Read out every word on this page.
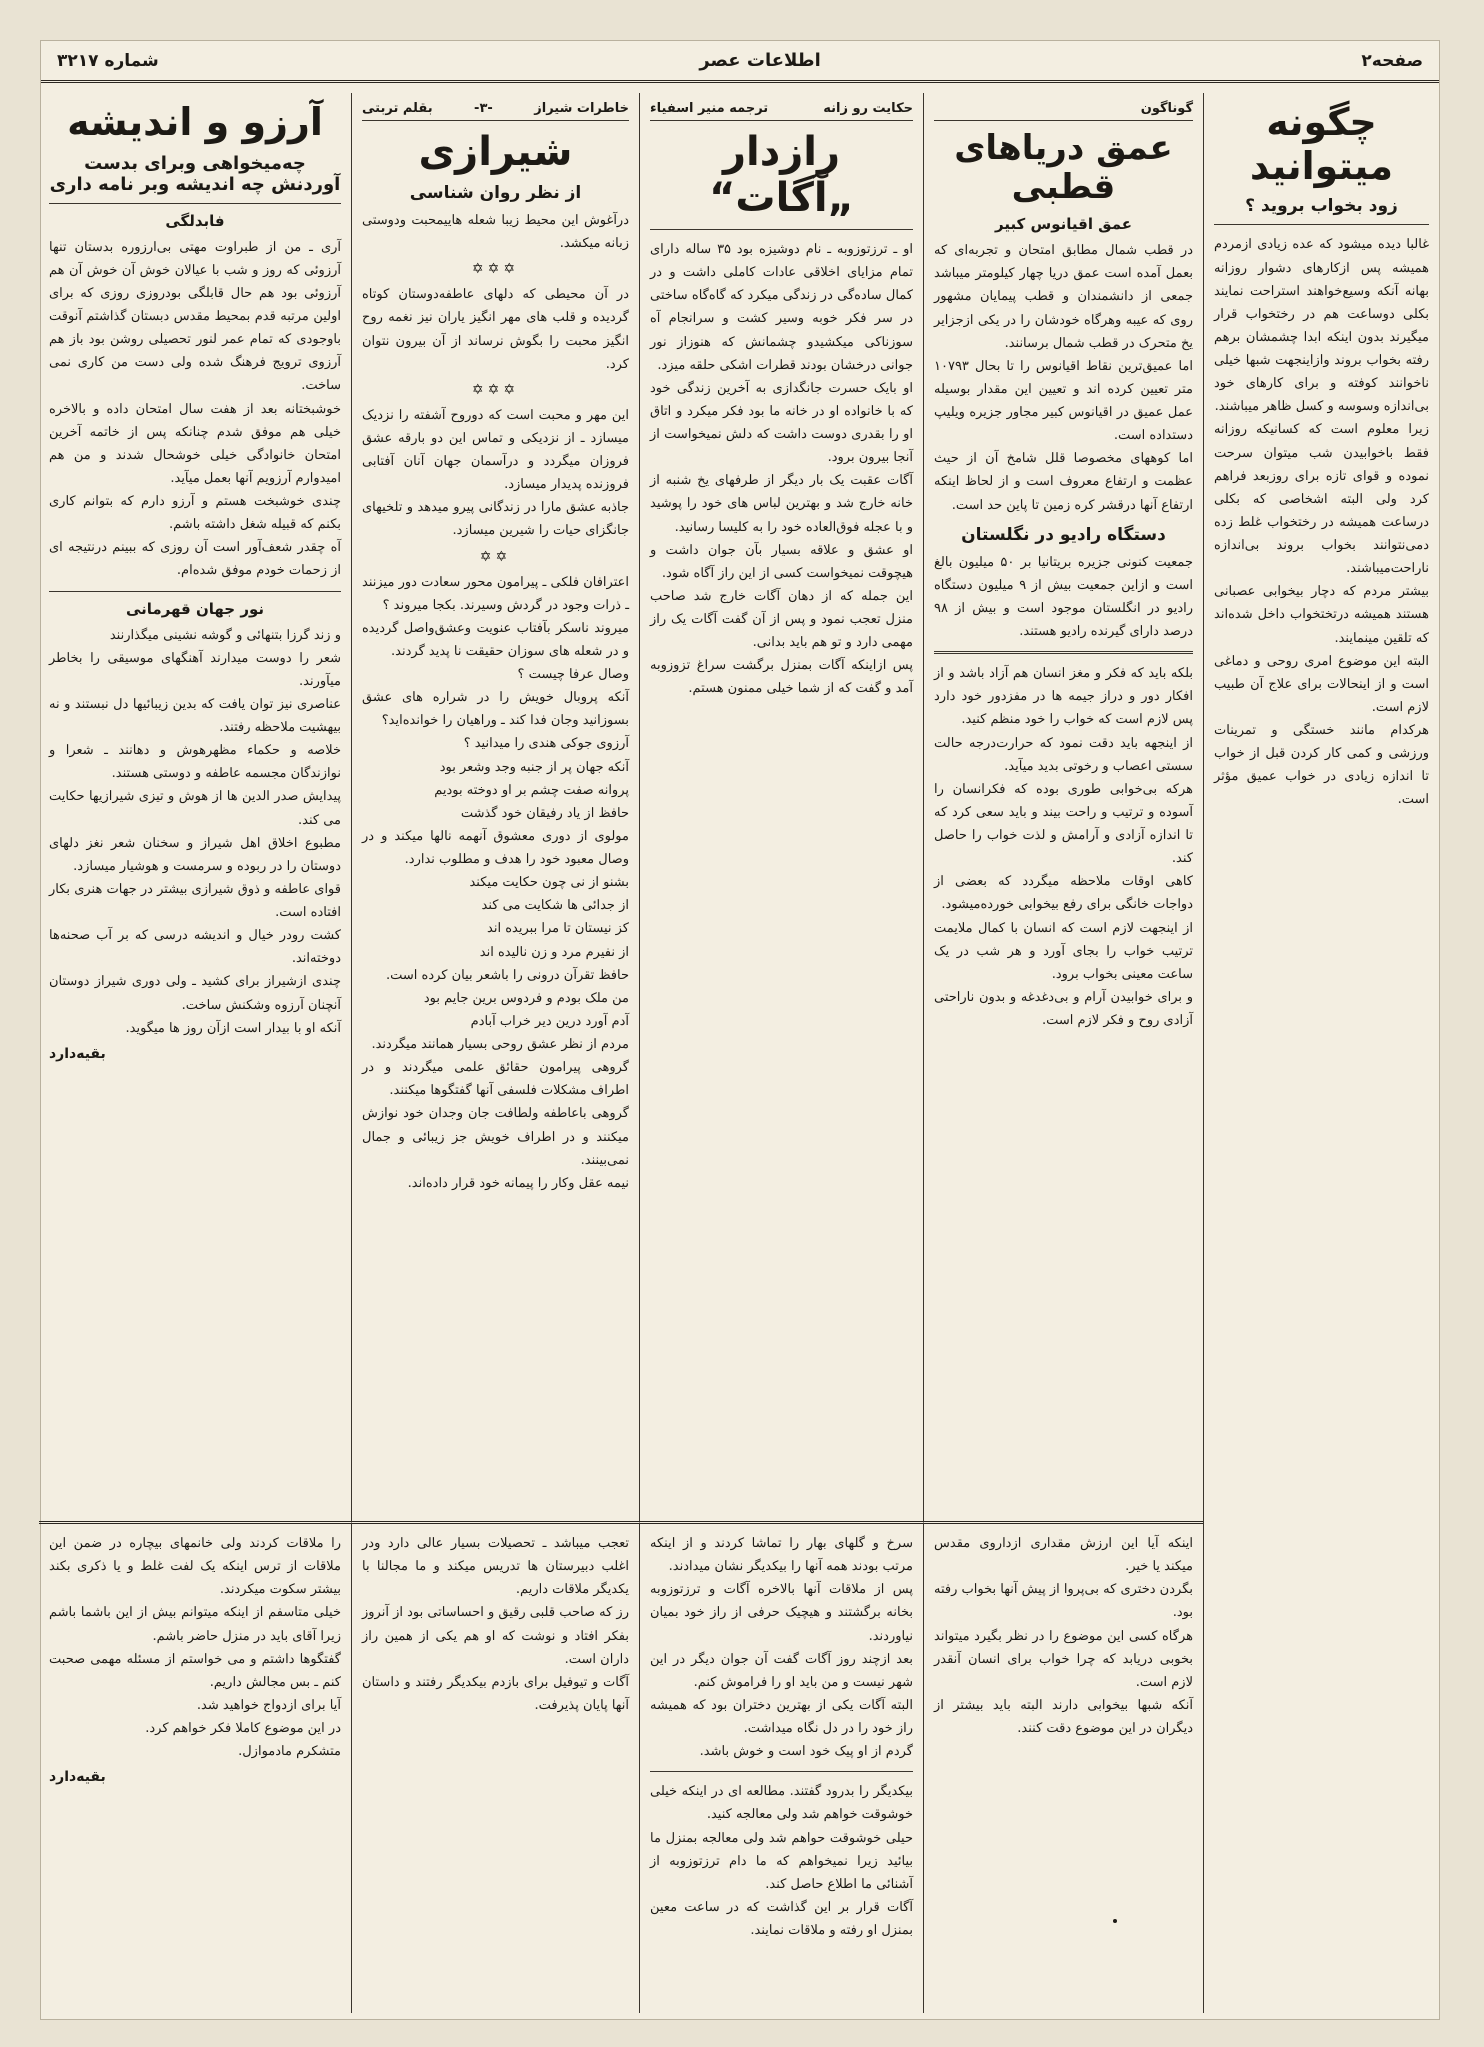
صفحه۲
اطلاعات عصر
شماره ۳۲۱۷
چگونه میتوانید
زود بخواب بروید ؟
غالبا دیده میشود که عده زیادی ازمردم همیشه پس ازکارهای دشوار روزانه بهانه آنکه وسیع‌خواهند استراحت نمایند بکلی دوساعت هم در رختخواب قرار میگیرند بدون اینکه ابدا چشمشان برهم رفته بخواب بروند وازاینجهت شبها خیلی ناخوانند کوفته و برای کارهای خود بی‌اندازه وسوسه و کسل ظاهر میباشند.
زیرا معلوم است که کسانیکه روزانه فقط باخوابیدن شب میتوان سرحت نموده و قوای تازه برای روزبعد فراهم کرد ولی البته اشخاصی که بکلی درساعت همیشه در رختخواب غلط زده دمی‌نتوانند بخواب بروند بی‌اندازه ناراحت‌میباشند.
بیشتر مردم که دچار بیخوابی عصبانی هستند همیشه درتختخواب داخل شده‌اند که تلقین مینمایند.
البته این موضوع امری روحی و دماغی است و از اینحالات برای علاج آن طبیب لازم است.
هرکدام مانند خستگی و تمرینات ورزشی و کمی کار کردن قبل از خواب تا اندازه زیادی در خواب عمیق مؤثر است.
گوناگون
عمق دریاهای قطبی
عمق اقیانوس کبیر
در قطب شمال مطابق امتحان و تجربه‌ای که بعمل آمده است عمق دریا چهار کیلومتر میباشد جمعی از دانشمندان و قطب پیمایان مشهور روی که عیبه وهرگاه خودشان را در یکی ازجزایر یخ متحرک در قطب شمال برسانند.
اما عمیق‌ترین نقاط اقیانوس را تا بحال ۱۰۷۹۳ متر تعیین کرده اند و تعیین این مقدار بوسیله عمل عمیق در اقیانوس کبیر مجاور جزیره ویلیپ دستداده است.
اما کوههای مخصوصا قلل شامخ آن از حیث عظمت و ارتفاع معروف است و از لحاظ اینکه ارتفاع آنها درقشر کره زمین تا پاین حد است.
دستگاه رادیو در نگلستان
جمعیت کنونی جزیره بریتانیا بر ۵۰ میلیون بالغ است و ازاین جمعیت بیش از ۹ میلیون دستگاه رادیو در انگلستان موجود است و بیش از ۹۸ درصد دارای گیرنده رادیو هستند.
بلکه باید که فکر و مغز انسان هم آزاد باشد و از افکار دور و دراز جیمه ها در مفزدور خود دارد پس لازم است که خواب را خود منظم کنید.
از اینجهه باید دقت نمود که حرارت‌درجه حالت سستی اعصاب و رخوتی بدید میآید.
هرکه بی‌خوابی طوری بوده که فکرانسان را آسوده و ترتیب و راحت بیند و باید سعی کرد که تا اندازه آزادی و آرامش و لذت خواب را حاصل کند.
کاهی اوقات ملاحظه میگردد که بعضی از دواجات خانگی برای رفع بیخوابی خورده‌میشود.
از اینجهت لازم است که انسان با کمال ملایمت ترتیب خواب را بجای آورد و هر شب در یک ساعت معینی بخواب برود.
و برای خوابیدن آرام و بی‌دغدغه و بدون ناراحتی آزادی روح و فکر لازم است.
حکایت رو زانه
ترجمه منیر اسفیاء
رازدار „آگات“
او ـ ترزتوزوبه ـ نام دوشیزه بود ۳۵ ساله دارای تمام مزایای اخلاقی عادات کاملی داشت و در کمال ساده‌گی در زندگی میکرد که گاه‌گاه ساختی در سر فکر خوبه وسیر کشت و سرانجام آه سوزناکی میکشیدو چشمانش که هنوزاز نور جوانی درخشان بودند قطرات اشکی حلقه میزد.
او بایک حسرت جانگدازی به آخرین زندگی خود که با خانواده او در خانه ما بود فکر میکرد و اتاق او را بقدری دوست داشت که دلش نمیخواست از آنجا بیرون برود.
آگات عقبت یک بار دیگر از طرفهای یخ شنبه از خانه خارج شد و بهترین لباس های خود را پوشید و با عجله فوق‌العاده خود را به کلیسا رسانید.
او عشق و علاقه بسیار بآن جوان داشت و هیچوقت نمیخواست کسی از این راز آگاه شود.
این جمله که از دهان آگات خارج شد صاحب منزل تعجب نمود و پس از آن گفت آگات یک راز مهمی دارد و تو هم باید بدانی.
پس ازاینکه آگات بمنزل برگشت سراغ تزوزوبه آمد و گفت که از شما خیلی ممنون هستم.
خاطرات شیراز
-۳-
بقلم تربتی
شیرازی
از نظر روان شناسی
درآغوش این محیط زیبا شعله هاییمحبت ودوستی زبانه میکشد.
✡✡✡
در آن محیطی که دلهای عاطفه‌دوستان کوتاه گردیده و قلب های مهر انگیز یاران نیز نغمه روح انگیز محبت را بگوش نرساند از آن بیرون نتوان کرد.
✡✡✡
این مهر و محبت است که دوروح آشفته را نزدیک میسازد ـ از نزدیکی و تماس این دو بارقه عشق فروزان میگردد و درآسمان جهان آنان آفتابی فروزنده پدیدار میسازد.
جاذبه عشق مارا در زندگانی پیرو میدهد و تلخیهای جانگزای حیات را شیرین میسازد.
✡✡
اعترافان فلکی ـ پیرامون محور سعادت دور میزنند ـ ذرات وجود در گردش وسیرند. بکجا میروند ؟
میروند ناسکر بآفتاب عنویت وعشق‌واصل گردیده و در شعله های سوزان حقیقت نا پدید گردند.
وصال عرفا چیست ؟
آنکه پروبال خویش را در شراره های عشق بسوزانید وجان فدا کند ـ وراهیان را خوانده‌اید؟
آرزوی جوکی هندی را میدانید ؟
آنکه جهان پر از جنبه وجد وشعر بود
پروانه صفت چشم بر او دوخته بودیم
حافظ از یاد رفیقان خود گذشت
مولوی از دوری معشوق آنهمه نالها میکند و در وصال معبود خود را هدف و مطلوب ندارد.
بشنو از نی چون حکایت میکند
از جدائی ها شکایت می کند
کز نیستان تا مرا ببریده اند
از نفیرم مرد و زن نالیده اند
حافظ تقرآن درونی را باشعر بیان کرده است.
من ملک بودم و فردوس برین جایم بود
آدم آورد درین دیر خراب آبادم
مردم از نظر عشق روحی بسیار همانند میگردند.
گروهی پیرامون حقائق علمی میگردند و در اطراف مشکلات فلسفی آنها گفتگوها میکنند.
گروهی باعاطفه ولطافت جان وجدان خود نوازش میکنند و در اطراف خویش جز زیبائی و جمال نمی‌بینند.
نیمه عقل وکار را پیمانه خود قرار داده‌اند.
آرزو و اندیشه
چه‌میخواهی وبرای بدست آوردنش چه اندیشه وبر نامه داری
فابدلگی
آری ـ من از طبراوت مهتی بی‌ارزوره بدستان تنها آرزوئی که روز و شب با عیالان خوش آن خوش آن هم آرزوئی بود هم حال قابلگی بودروزی روزی که برای اولین مرتبه قدم بمحیط مقدس دبستان گذاشتم آنوقت باوجودی که تمام عمر لنور تحصیلی روشن بود باز هم آرزوی ترویج فرهنگ شده ولی دست من کاری نمی ساخت.
خوشبختانه بعد از هفت سال امتحان داده و بالاخره خیلی هم موفق شدم چنانکه پس از خاتمه آخرین امتحان خانوادگی خیلی خوشحال شدند و من هم امیدوارم آرزویم آنها بعمل میآید.
چندی خوشبخت هستم و آرزو دارم که بتوانم کاری بکنم که قبیله شغل داشته باشم.
آه چقدر شعف‌آور است آن روزی که ببینم درنتیجه ای از زحمات خودم موفق شده‌ام.
نور جهان قهرمانی
و زند گرزا بتنهائی و گوشه نشینی میگذارنند
شعر را دوست میدارند آهنگهای موسیقی را بخاطر میآورند.
عناصری نیز توان یافت که بدین زیبائیها دل نبستند و نه بیهشیت ملاحظه رفتند.
خلاصه و حکماء مظهرهوش و دهانند ـ شعرا و نوازندگان مجسمه عاطفه و دوستی هستند.
پیدایش صدر الدین ها از هوش و تیزی شیرازیها حکایت می کند.
مطبوع اخلاق اهل شیراز و سخنان شعر نغز دلهای دوستان را در ربوده و سرمست و هوشیار میسازد.
قوای عاطفه و ذوق شیرازی بیشتر در جهات هنری بکار افتاده است.
کشت رودر خیال و اندیشه درسی که بر آب صحنه‌ها دوخته‌اند.
چندی ازشیراز برای کشید ـ ولی دوری شیراز دوستان آنچنان آرزوه وشکنش ساخت.
آنکه او با بیدار است ازآن روز ها میگوید.
بقیه‌دارد
اینکه آیا این ارزش مقداری ازداروی مقدس میکند یا خیر.
بگردن دختری که بی‌پروا از پیش آنها بخواب رفته بود.
هرگاه کسی این موضوع را در نظر بگیرد میتواند بخوبی دریابد که چرا خواب برای انسان آنقدر لازم است.
آنکه شبها بیخوابی دارند البته باید بیشتر از دیگران در این موضوع دقت کنند.
سرخ و گلهای بهار را تماشا کردند و از اینکه مرتب بودند همه آنها را بیکدیگر نشان میدادند.
پس از ملاقات آنها بالاخره آگات و ترزتوزوبه بخانه برگشتند و هیچیک حرفی از راز خود بمیان نیاوردند.
بعد ازچند روز آگات گفت آن جوان دیگر در این شهر نیست و من باید او را فراموش کنم.
البته آگات یکی از بهترین دختران بود که همیشه راز خود را در دل نگاه میداشت.
گردم از او پیک خود است و خوش باشد.
بیکدیگر را بدرود گفتند. مطالعه ای در اینکه خیلی خوشوقت خواهم شد ولی معالجه کنید.
حیلی خوشوقت حواهم شد ولی معالجه بمنزل ما بیائید زیرا نمیخواهم که ما دام ترزتوزوبه از آشنائی ما اطلاع حاصل کند.
آگات قرار بر این گذاشت که در ساعت معین بمنزل او رفته و ملاقات نمایند.
تعجب میباشد ـ تحصیلات بسیار عالی دارد ودر اغلب دبیرستان ها تدریس میکند و ما مجالنا با یکدیگر ملاقات داریم.
رز که صاحب قلبی رقیق و احساساتی بود از آنروز بفکر افتاد و نوشت که او هم یکی از همین راز داران است.
آگات و تیوفیل برای بازدم بیکدیگر رفتند و داستان آنها پایان پذیرفت.
را ملاقات کردند ولی خانمهای بیچاره در ضمن این ملاقات از ترس اینکه یک لفت غلط و یا ذکری بکند بیشتر سکوت میکردند.
خیلی متاسفم از اینکه میتوانم بیش از این باشما باشم زیرا آقای باید در منزل حاضر باشم.
گفتگوها داشتم و می خواستم از مسئله مهمی صحبت کنم ـ بس مجالش داریم.
آیا برای ازدواج خواهید شد.
در این موضوع کاملا فکر خواهم کرد.
متشکرم مادموازل.
بقیه‌دارد
